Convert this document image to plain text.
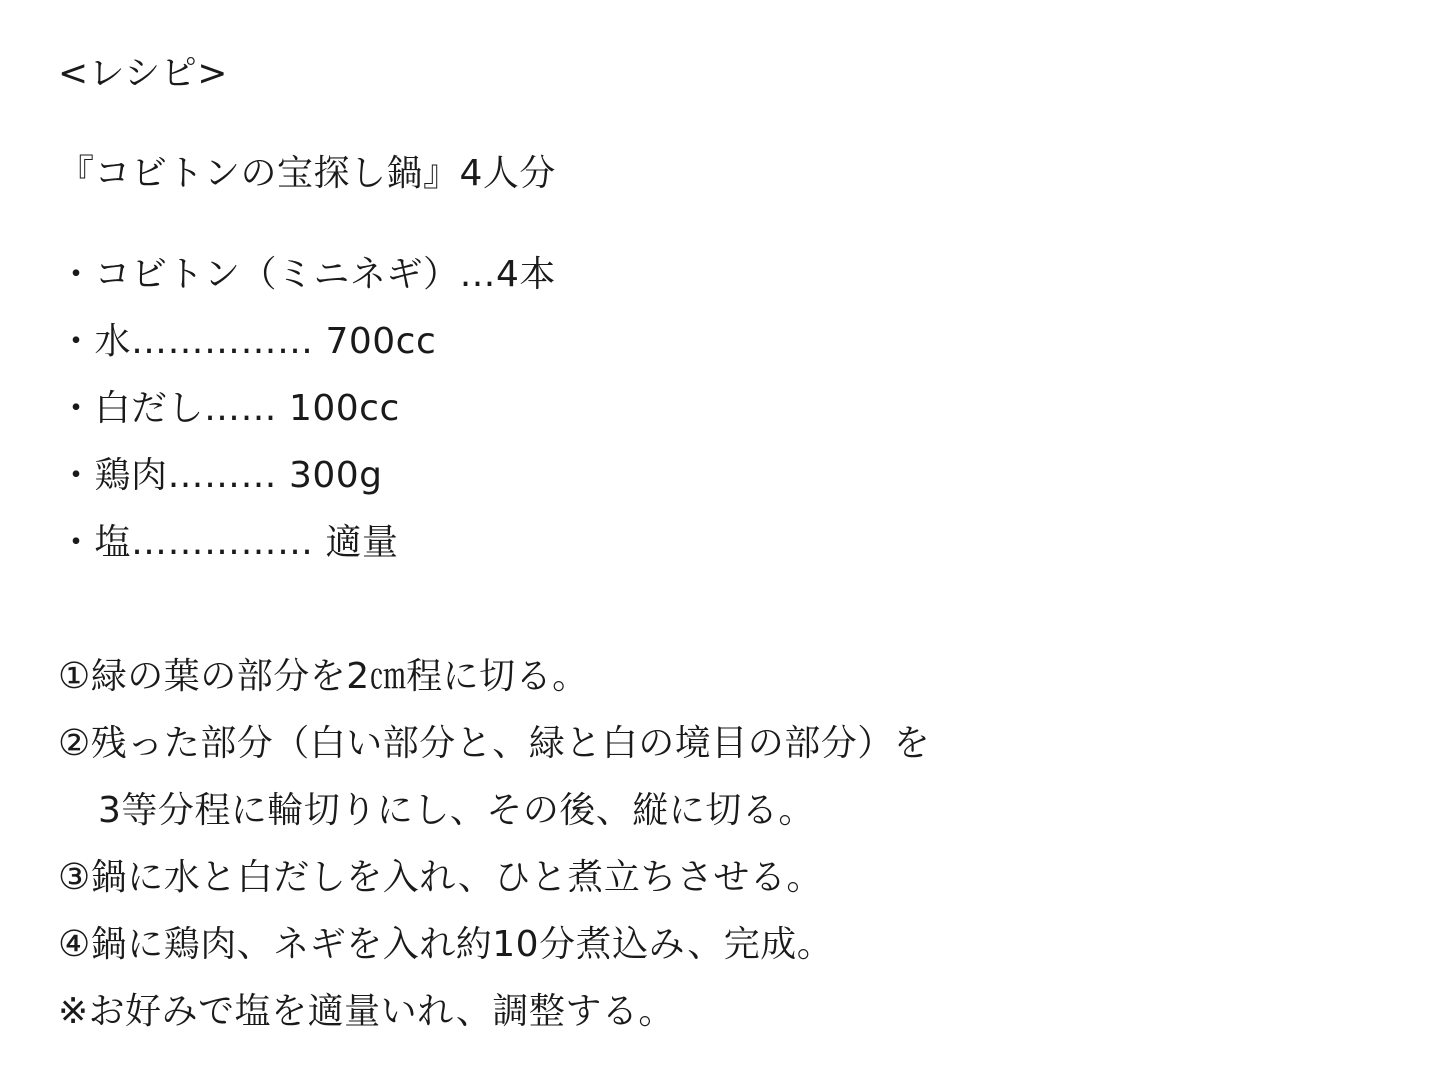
<レシピ>
『コビトンの宝探し鍋』4人分
・コビトン（ミニネギ）…4本
・水…………… 700cc
・白だし…… 100cc
・鶏肉……… 300g
・塩…………… 適量
①緑の葉の部分を2㎝程に切る。
②残った部分（白い部分と、緑と白の境目の部分）を
3等分程に輪切りにし、その後、縦に切る。
③鍋に水と白だしを入れ、ひと煮立ちさせる。
④鍋に鶏肉、ネギを入れ約10分煮込み、完成。
※お好みで塩を適量いれ、調整する。
